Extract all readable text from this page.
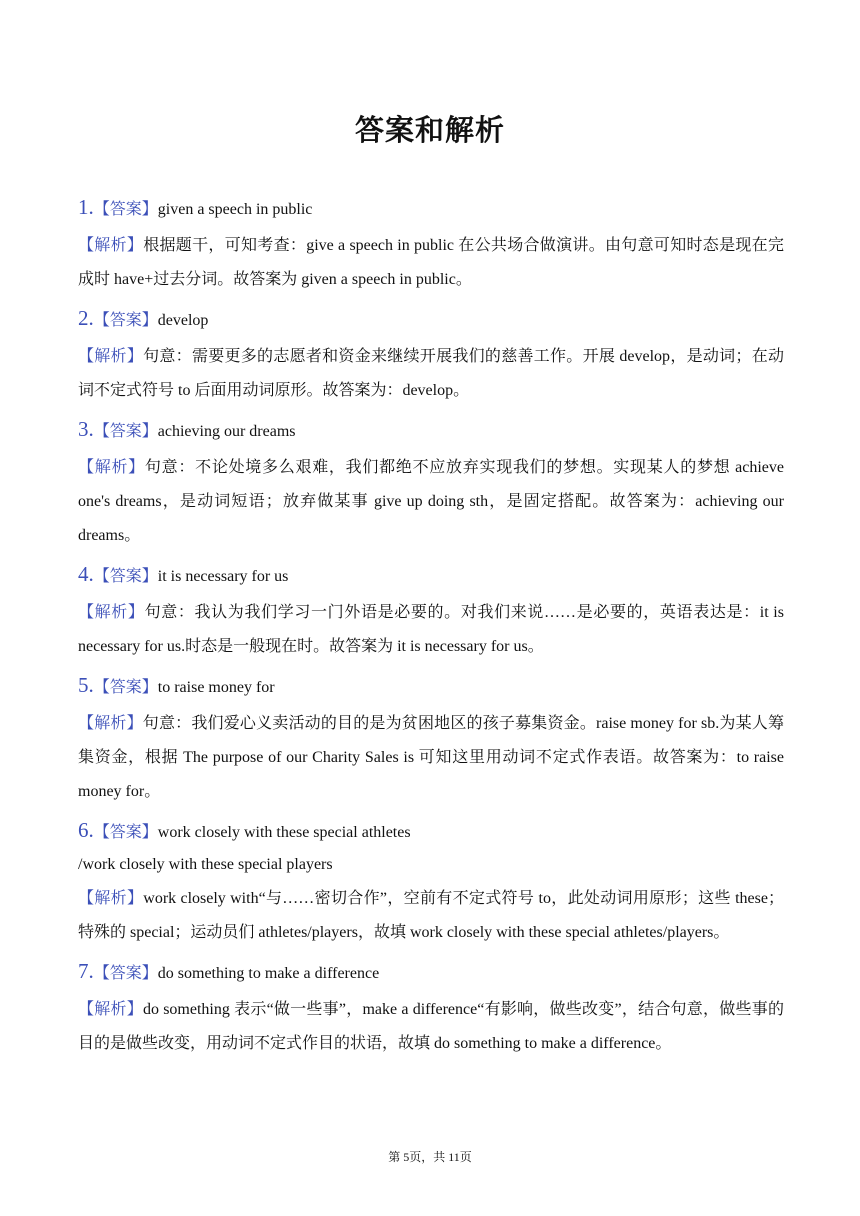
答案和解析
1.【答案】given a speech in public
【解析】根据题干，可知考查：give a speech in public 在公共场合做演讲。由句意可知时态是现在完成时 have+过去分词。故答案为 given a speech in public。
2.【答案】develop
【解析】句意：需要更多的志愿者和资金来继续开展我们的慈善工作。开展 develop，是动词；在动词不定式符号 to 后面用动词原形。故答案为：develop。
3.【答案】achieving our dreams
【解析】句意：不论处境多么艰难，我们都绝不应放弃实现我们的梦想。实现某人的梦想 achieve one's dreams，是动词短语；放弃做某事 give up doing sth，是固定搭配。故答案为：achieving our dreams。
4.【答案】it is necessary for us
【解析】句意：我认为我们学习一门外语是必要的。对我们来说……是必要的，英语表达是：it is necessary for us.时态是一般现在时。故答案为 it is necessary for us。
5.【答案】to raise money for
【解析】句意：我们爱心义卖活动的目的是为贫困地区的孩子募集资金。raise money for sb.为某人筹集资金，根据 The purpose of our Charity Sales is 可知这里用动词不定式作表语。故答案为：to raise money for。
6.【答案】work closely with these special athletes
/work closely with these special players
【解析】work closely with“与……密切合作”，空前有不定式符号 to，此处动词用原形；这些 these；特殊的 special；运动员们 athletes/players，故填 work closely with these special athletes/players。
7.【答案】do something to make a difference
【解析】do something 表示“做一些事”，make a difference“有影响，做些改变”，结合句意，做些事的目的是做些改变，用动词不定式作目的状语，故填 do something to make a difference。
第 5页，共 11页
